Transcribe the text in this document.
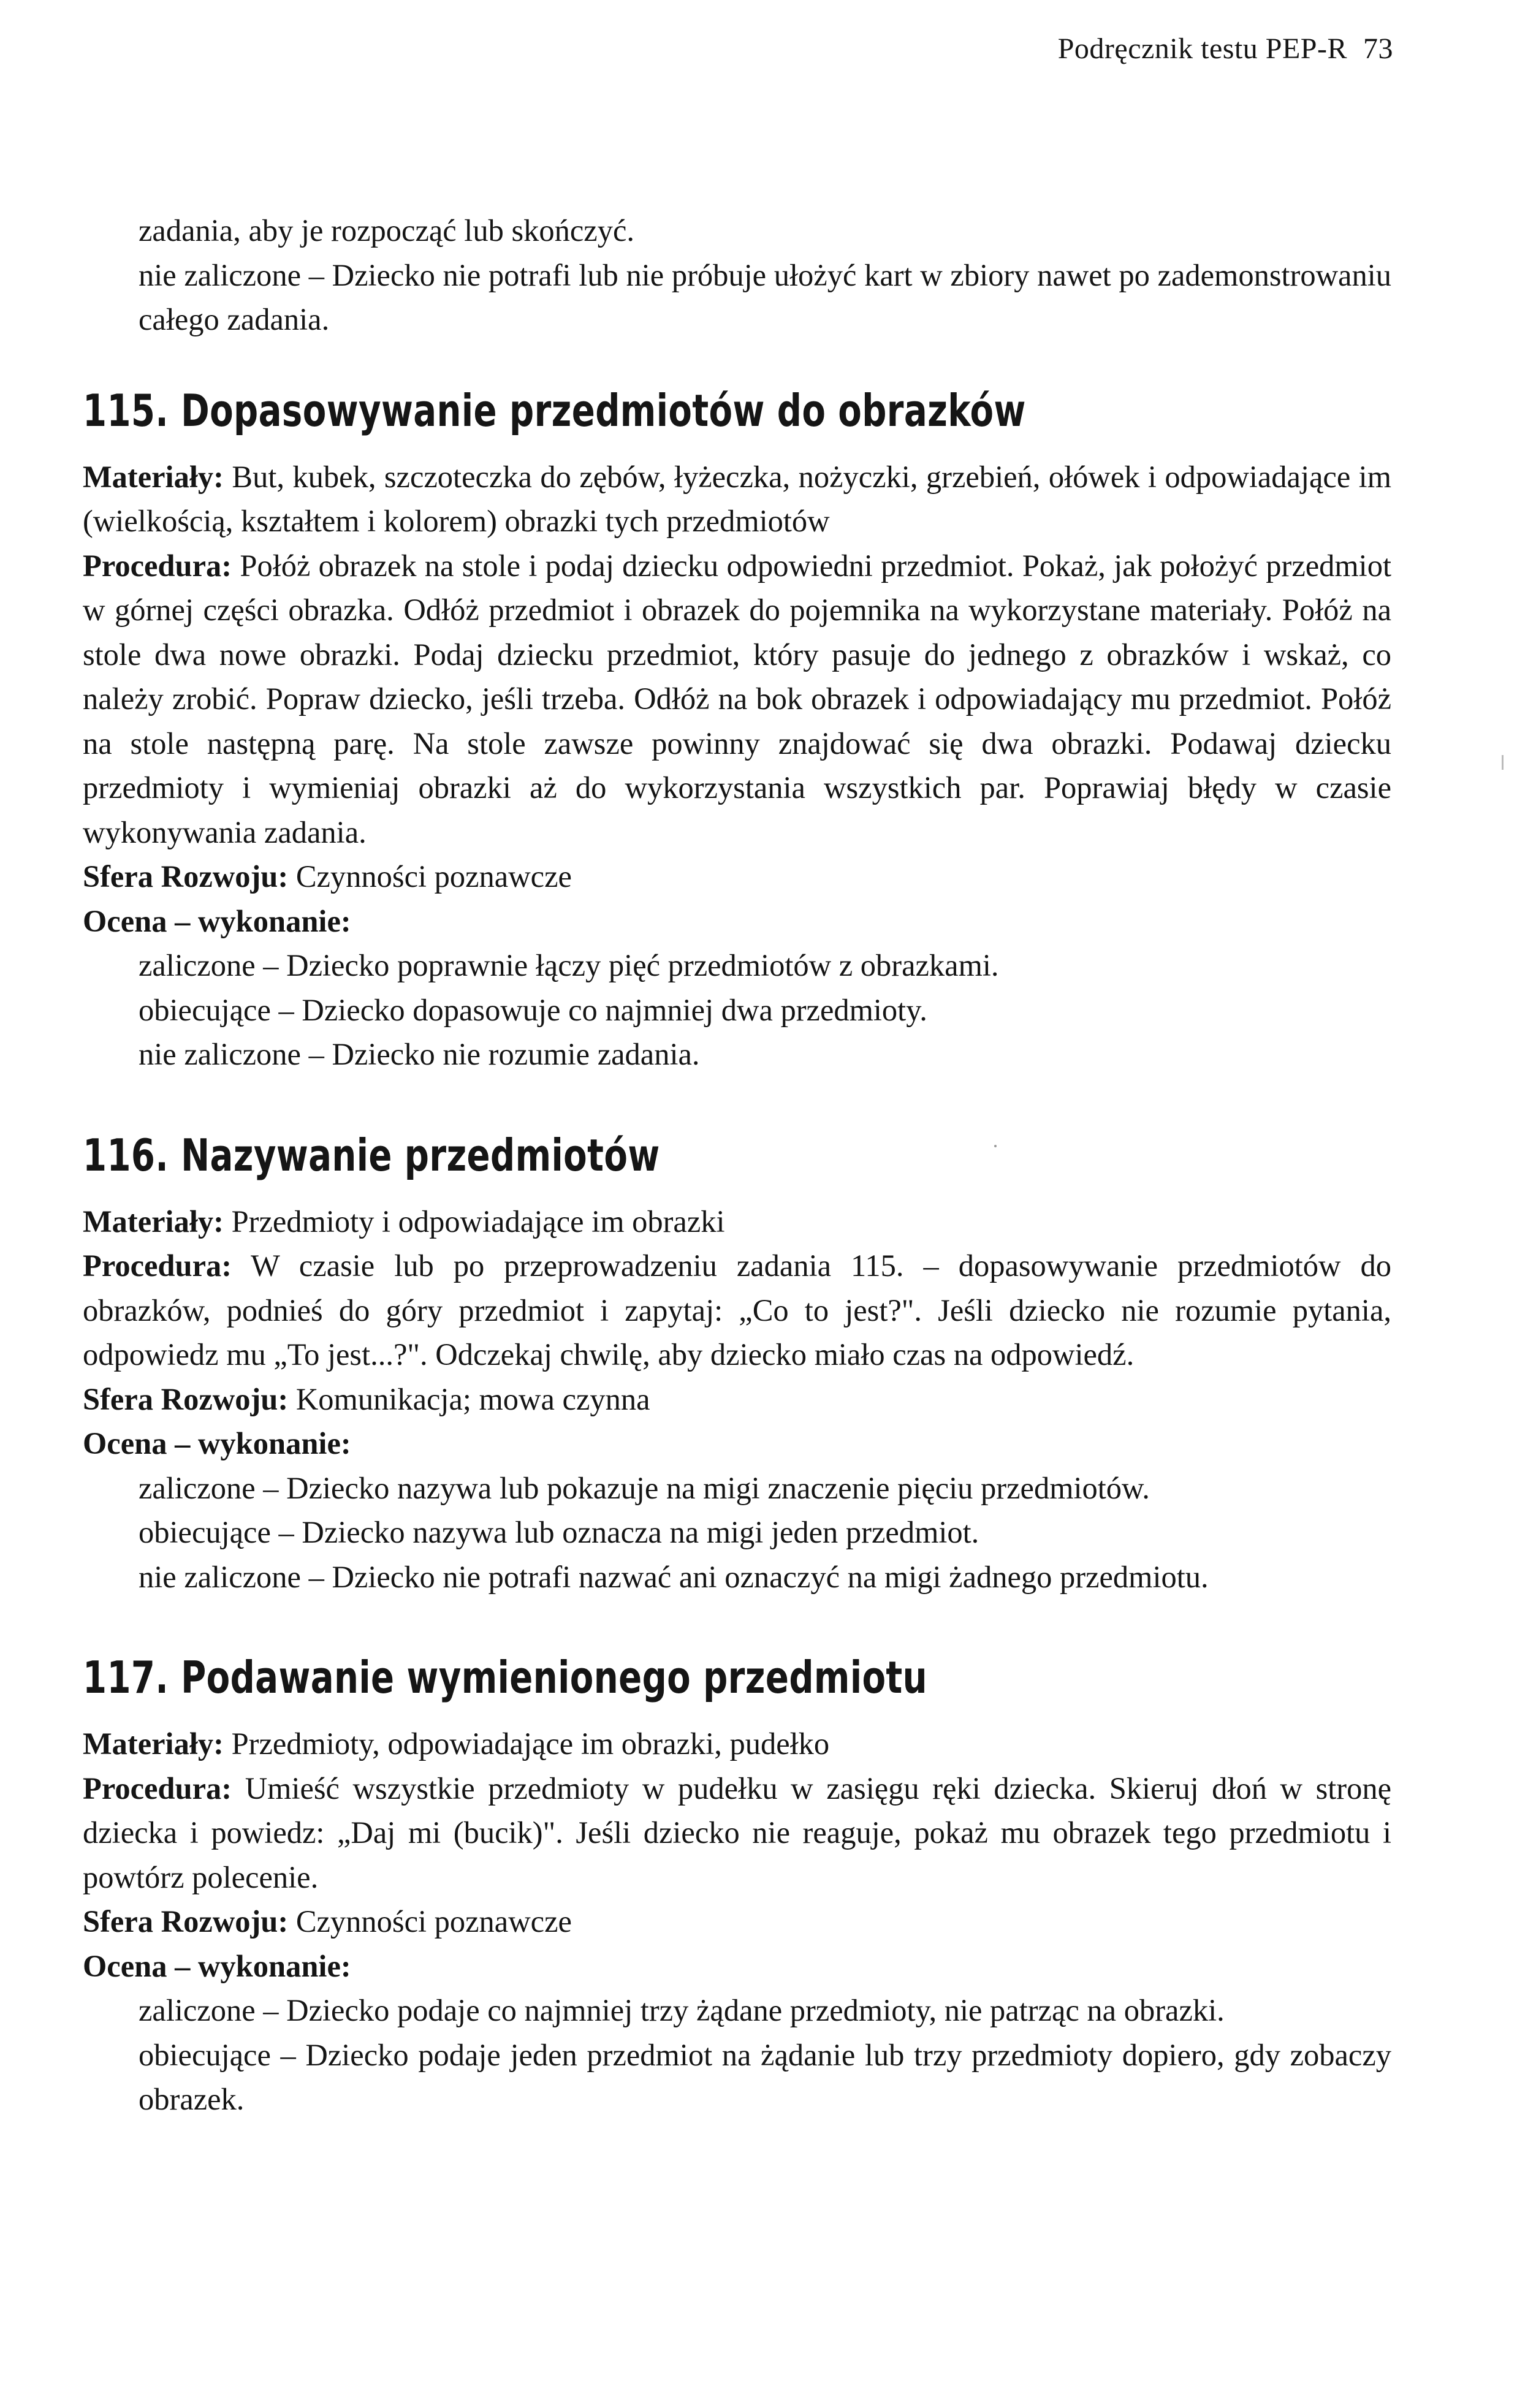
Podręcznik testu PEP-R 73

zadania, aby je rozpocząć lub skończyć.

nie zaliczone – Dziecko nie potrafi lub nie próbuje ułożyć kart w zbiory nawet po zademonstrowaniu całego zadania.

115. Dopasowywanie przedmiotów do obrazków

Materiały: But, kubek, szczoteczka do zębów, łyżeczka, nożyczki, grzebień, ołówek i odpowiadające im (wielkością, kształtem i kolorem) obrazki tych przedmiotów

Procedura: Połóż obrazek na stole i podaj dziecku odpowiedni przedmiot. Pokaż, jak położyć przedmiot w górnej części obrazka. Odłóż przedmiot i obrazek do pojemnika na wykorzystane materiały. Połóż na stole dwa nowe obrazki. Podaj dziecku przedmiot, który pasuje do jednego z obrazków i wskaż, co należy zrobić. Popraw dziecko, jeśli trzeba. Odłóż na bok obrazek i odpowiadający mu przedmiot. Połóż na stole następną parę. Na stole zawsze powinny znajdować się dwa obrazki. Podawaj dziecku przedmioty i wymieniaj obrazki aż do wykorzystania wszystkich par. Poprawiaj błędy w czasie wykonywania zadania.

Sfera Rozwoju: Czynności poznawcze

Ocena – wykonanie:

zaliczone – Dziecko poprawnie łączy pięć przedmiotów z obrazkami.

obiecujące – Dziecko dopasowuje co najmniej dwa przedmioty.

nie zaliczone – Dziecko nie rozumie zadania.

116. Nazywanie przedmiotów

Materiały: Przedmioty i odpowiadające im obrazki

Procedura: W czasie lub po przeprowadzeniu zadania 115. – dopasowywanie przedmiotów do obrazków, podnieś do góry przedmiot i zapytaj: „Co to jest?". Jeśli dziecko nie rozumie pytania, odpowiedz mu „To jest...?". Odczekaj chwilę, aby dziecko miało czas na odpowiedź.

Sfera Rozwoju: Komunikacja; mowa czynna

Ocena – wykonanie:

zaliczone – Dziecko nazywa lub pokazuje na migi znaczenie pięciu przedmiotów.

obiecujące – Dziecko nazywa lub oznacza na migi jeden przedmiot.

nie zaliczone – Dziecko nie potrafi nazwać ani oznaczyć na migi żadnego przedmiotu.

117. Podawanie wymienionego przedmiotu

Materiały: Przedmioty, odpowiadające im obrazki, pudełko

Procedura: Umieść wszystkie przedmioty w pudełku w zasięgu ręki dziecka. Skieruj dłoń w stronę dziecka i powiedz: „Daj mi (bucik)". Jeśli dziecko nie reaguje, pokaż mu obrazek tego przedmiotu i powtórz polecenie.

Sfera Rozwoju: Czynności poznawcze

Ocena – wykonanie:

zaliczone – Dziecko podaje co najmniej trzy żądane przedmioty, nie patrząc na obrazki.

obiecujące – Dziecko podaje jeden przedmiot na żądanie lub trzy przedmioty dopiero, gdy zobaczy obrazek.
